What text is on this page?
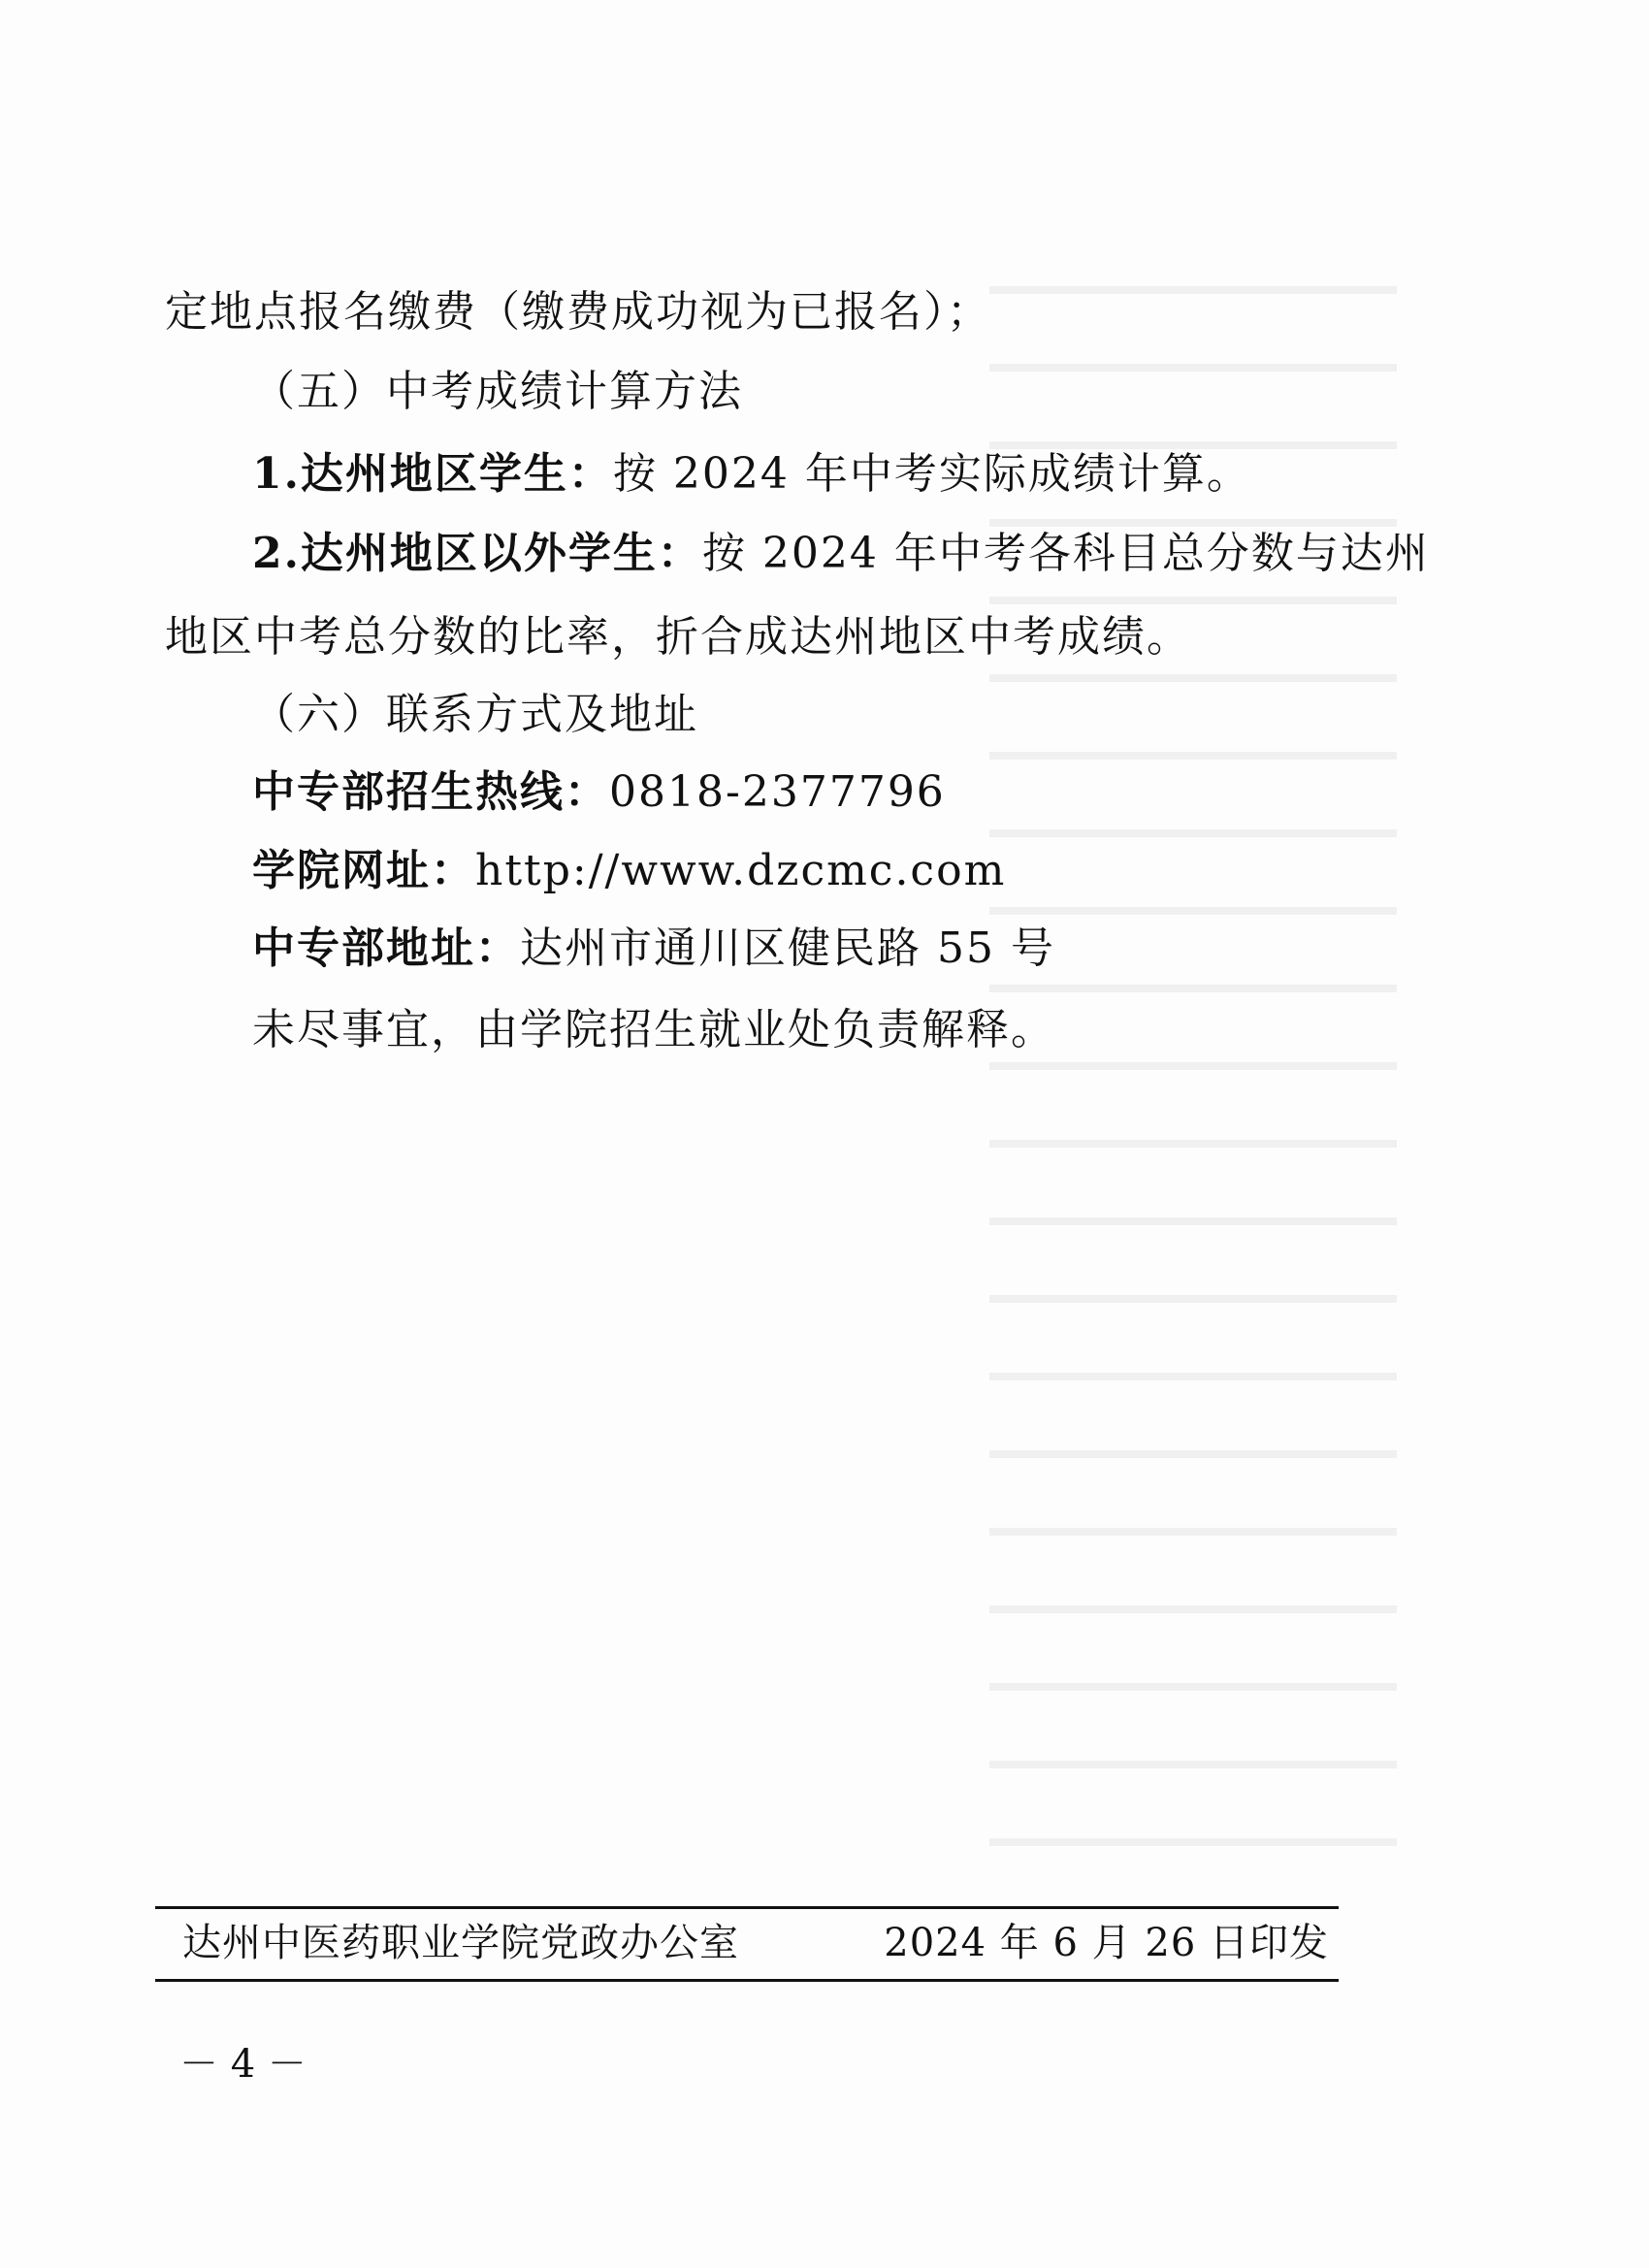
定地点报名缴费（缴费成功视为已报名）；
（五）中考成绩计算方法
1.达州地区学生：按 2024 年中考实际成绩计算。
2.达州地区以外学生：按 2024 年中考各科目总分数与达州
地区中考总分数的比率，折合成达州地区中考成绩。
（六）联系方式及地址
中专部招生热线：0818-2377796
学院网址：http://www.dzcmc.com
中专部地址：达州市通川区健民路 55 号
未尽事宜，由学院招生就业处负责解释。
达州中医药职业学院党政办公室	2024 年 6 月 26 日印发
－ 4 －
